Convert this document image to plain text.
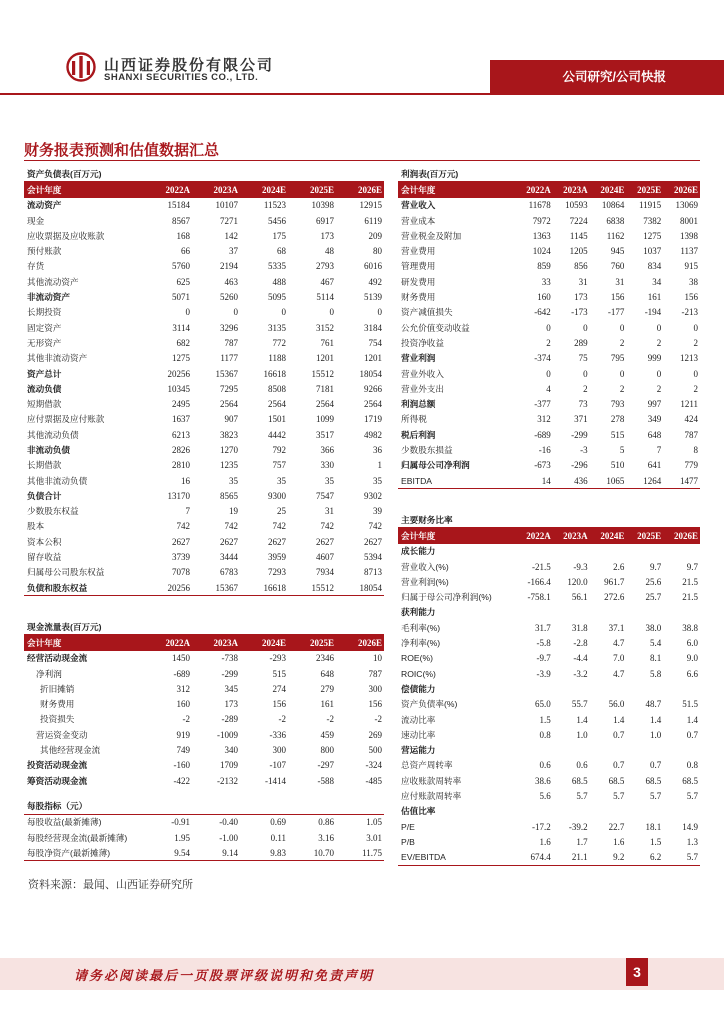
山西证券股份有限公司
SHANXI SECURITIES CO., LTD.	公司研究/公司快报
财务报表预测和估值数据汇总
资产负债表(百万元)					
会计年度	2022A	2023A	2024E	2025E	2026E
流动资产	15184	10107	11523	10398	12915
现金	8567	7271	5456	6917	6119
应收票据及应收账款	168	142	175	173	209
预付账款	66	37	68	48	80
存货	5760	2194	5335	2793	6016
其他流动资产	625	463	488	467	492
非流动资产	5071	5260	5095	5114	5139
长期投资	0	0	0	0	0
固定资产	3114	3296	3135	3152	3184
无形资产	682	787	772	761	754
其他非流动资产	1275	1177	1188	1201	1201
资产总计	20256	15367	16618	15512	18054
流动负债	10345	7295	8508	7181	9266
短期借款	2495	2564	2564	2564	2564
应付票据及应付账款	1637	907	1501	1099	1719
其他流动负债	6213	3823	4442	3517	4982
非流动负债	2826	1270	792	366	36
长期借款	2810	1235	757	330	1
其他非流动负债	16	35	35	35	35
负债合计	13170	8565	9300	7547	9302
少数股东权益	7	19	25	31	39
股本	742	742	742	742	742
资本公积	2627	2627	2627	2627	2627
留存收益	3739	3444	3959	4607	5394
归属母公司股东权益	7078	6783	7293	7934	8713
负债和股东权益	20256	15367	16618	15512	18054
现金流量表(百万元)					
会计年度	2022A	2023A	2024E	2025E	2026E
经营活动现金流	1450	-738	-293	2346	10
净利润	-689	-299	515	648	787
折旧摊销	312	345	274	279	300
财务费用	160	173	156	161	156
投资损失	-2	-289	-2	-2	-2
营运资金变动	919	-1009	-336	459	269
其他经营现金流	749	340	300	800	500
投资活动现金流	-160	1709	-107	-297	-324
筹资活动现金流	-422	-2132	-1414	-588	-485

每股指标（元）					
每股收益(最新摊薄)	-0.91	-0.40	0.69	0.86	1.05
每股经营现金流(最新摊薄)	1.95	-1.00	0.11	3.16	3.01
每股净资产(最新摊薄)	9.54	9.14	9.83	10.70	11.75
利润表(百万元)					
会计年度	2022A	2023A	2024E	2025E	2026E
营业收入	11678	10593	10864	11915	13069
营业成本	7972	7224	6838	7382	8001
营业税金及附加	1363	1145	1162	1275	1398
营业费用	1024	1205	945	1037	1137
管理费用	859	856	760	834	915
研发费用	33	31	31	34	38
财务费用	160	173	156	161	156
资产减值损失	-642	-173	-177	-194	-213
公允价值变动收益	0	0	0	0	0
投资净收益	2	289	2	2	2
营业利润	-374	75	795	999	1213
营业外收入	0	0	0	0	0
营业外支出	4	2	2	2	2
利润总额	-377	73	793	997	1211
所得税	312	371	278	349	424
税后利润	-689	-299	515	648	787
少数股东损益	-16	-3	5	7	8
归属母公司净利润	-673	-296	510	641	779
EBITDA	14	436	1065	1264	1477
主要财务比率					
会计年度	2022A	2023A	2024E	2025E	2026E
成长能力					
营业收入(%)	-21.5	-9.3	2.6	9.7	9.7
营业利润(%)	-166.4	120.0	961.7	25.6	21.5
归属于母公司净利润(%)	-758.1	56.1	272.6	25.7	21.5
获利能力					
毛利率(%)	31.7	31.8	37.1	38.0	38.8
净利率(%)	-5.8	-2.8	4.7	5.4	6.0
ROE(%)	-9.7	-4.4	7.0	8.1	9.0
ROIC(%)	-3.9	-3.2	4.7	5.8	6.6
偿债能力					
资产负债率(%)	65.0	55.7	56.0	48.7	51.5
流动比率	1.5	1.4	1.4	1.4	1.4
速动比率	0.8	1.0	0.7	1.0	0.7
营运能力					
总资产周转率	0.6	0.6	0.7	0.7	0.8
应收账款周转率	38.6	68.5	68.5	68.5	68.5
应付账款周转率	5.6	5.7	5.7	5.7	5.7
估值比率					
P/E	-17.2	-39.2	22.7	18.1	14.9
P/B	1.6	1.7	1.6	1.5	1.3
EV/EBITDA	674.4	21.1	9.2	6.2	5.7
资料来源：最闻、山西证券研究所
请务必阅读最后一页股票评级说明和免责声明	3
